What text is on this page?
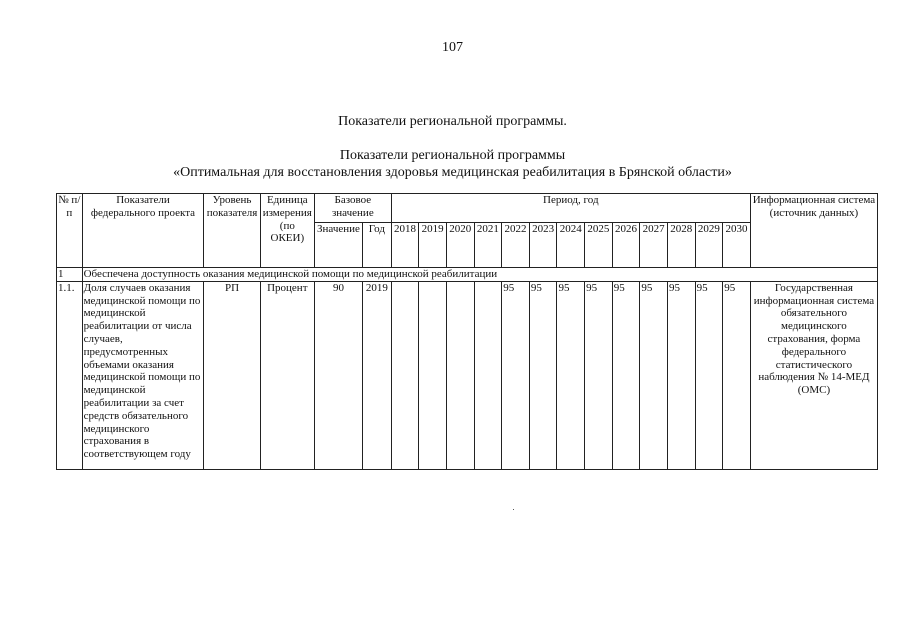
107
Показатели региональной программы.
Показатели региональной программы
«Оптимальная для восстановления здоровья медицинская реабилитация в Брянской области»
№ п/п	Показатели федерального проекта	Уровень показателя	Единица измерения (по ОКЕИ)	Базовое значение		Период, год													Информационная система (источник данных)
				Значение	Год	2018	2019	2020	2021	2022	2023	2024	2025	2026	2027	2028	2029	2030	
1	Обеспечена доступность оказания медицинской помощи по медицинской реабилитации																		
1.1.	Доля случаев оказания медицинской помощи по медицинской реабилитации от числа случаев, предусмотренных объемами оказания медицинской помощи по медицинской реабилитации за счет средств обязательного медицинского страхования в соответствующем году	РП	Процент	90	2019					95	95	95	95	95	95	95	95	95	Государственная информационная система обязательного медицинского страхования, форма федерального статистического наблюдения № 14-МЕД (ОМС)
